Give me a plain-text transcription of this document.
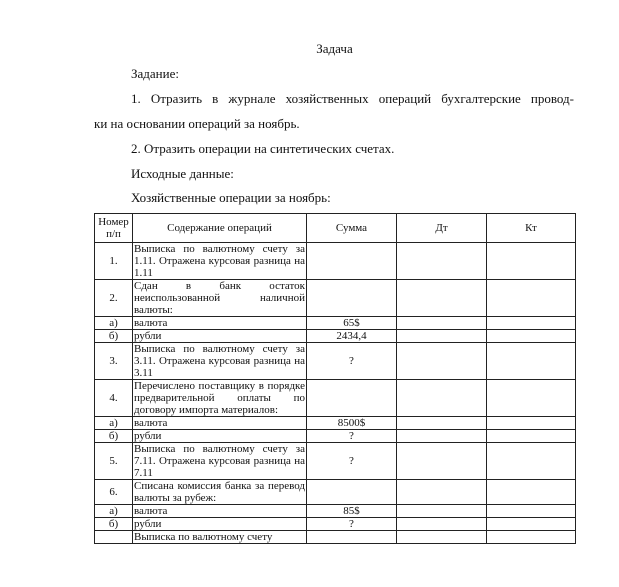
Задача
Задание:
1. Отразить в журнале хозяйственных операций бухгалтерские провод-
ки на основании операций за ноябрь.
2. Отразить операции на синтетических счетах.
Исходные данные:
Хозяйственные операции за ноябрь:
Номер п/п	Содержание операций	Сумма	Дт	Кт
1.	Выписка по валютному счету за 1.11. Отражена курсовая разница на 1.11			
2.	Сдан в банк остаток неиспользованной наличной валюты:			
а)	валюта	65$		
б)	рубли	2434,4		
3.	Выписка по валютному счету за 3.11. Отражена курсовая разница на 3.11	?		
4.	Перечислено поставщику в порядке предварительной оплаты по договору импорта материалов:			
а)	валюта	8500$		
б)	рубли	?		
5.	Выписка по валютному счету за 7.11. Отражена курсовая разница на 7.11	?		
6.	Списана комиссия банка за перевод валюты за рубеж:			
а)	валюта	85$		
б)	рубли	?		
	Выписка по валютному счету			
